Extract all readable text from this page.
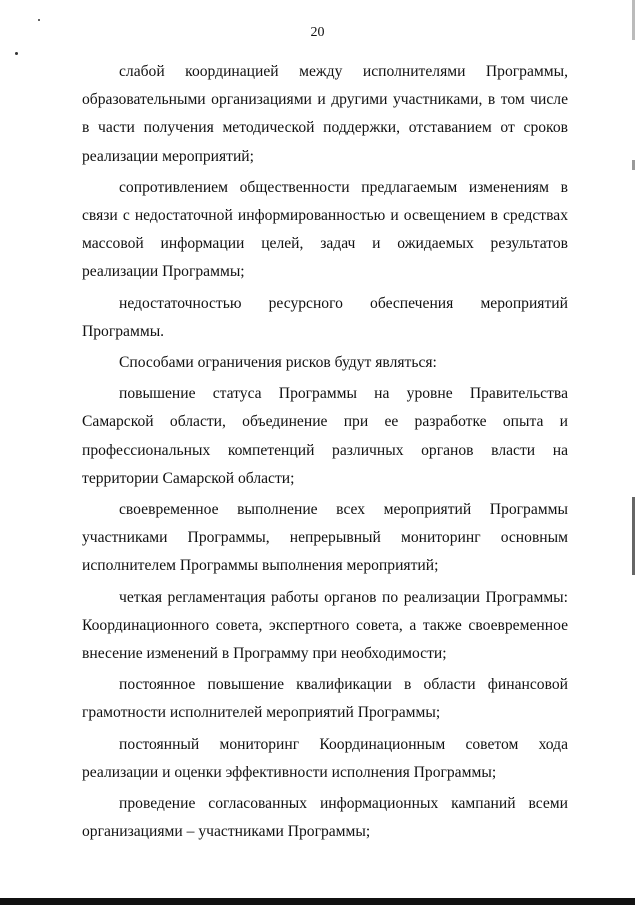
20

слабой координацией между исполнителями Программы, образовательными организациями и другими участниками, в том числе в части получения методической поддержки, отставанием от сроков реализации мероприятий;

сопротивлением общественности предлагаемым изменениям в связи с недостаточной информированностью и освещением в средствах массовой информации целей, задач и ожидаемых результатов реализации Программы;

недостаточностью ресурсного обеспечения мероприятий Программы.

Способами ограничения рисков будут являться:

повышение статуса Программы на уровне Правительства Самарской области, объединение при ее разработке опыта и профессиональных компетенций различных органов власти на территории Самарской области;

своевременное выполнение всех мероприятий Программы участниками Программы, непрерывный мониторинг основным исполнителем Программы выполнения мероприятий;

четкая регламентация работы органов по реализации Программы: Координационного совета, экспертного совета, а также своевременное внесение изменений в Программу при необходимости;

постоянное повышение квалификации в области финансовой грамотности исполнителей мероприятий Программы;

постоянный мониторинг Координационным советом хода реализации и оценки эффективности исполнения Программы;

проведение согласованных информационных кампаний всеми организациями – участниками Программы;
